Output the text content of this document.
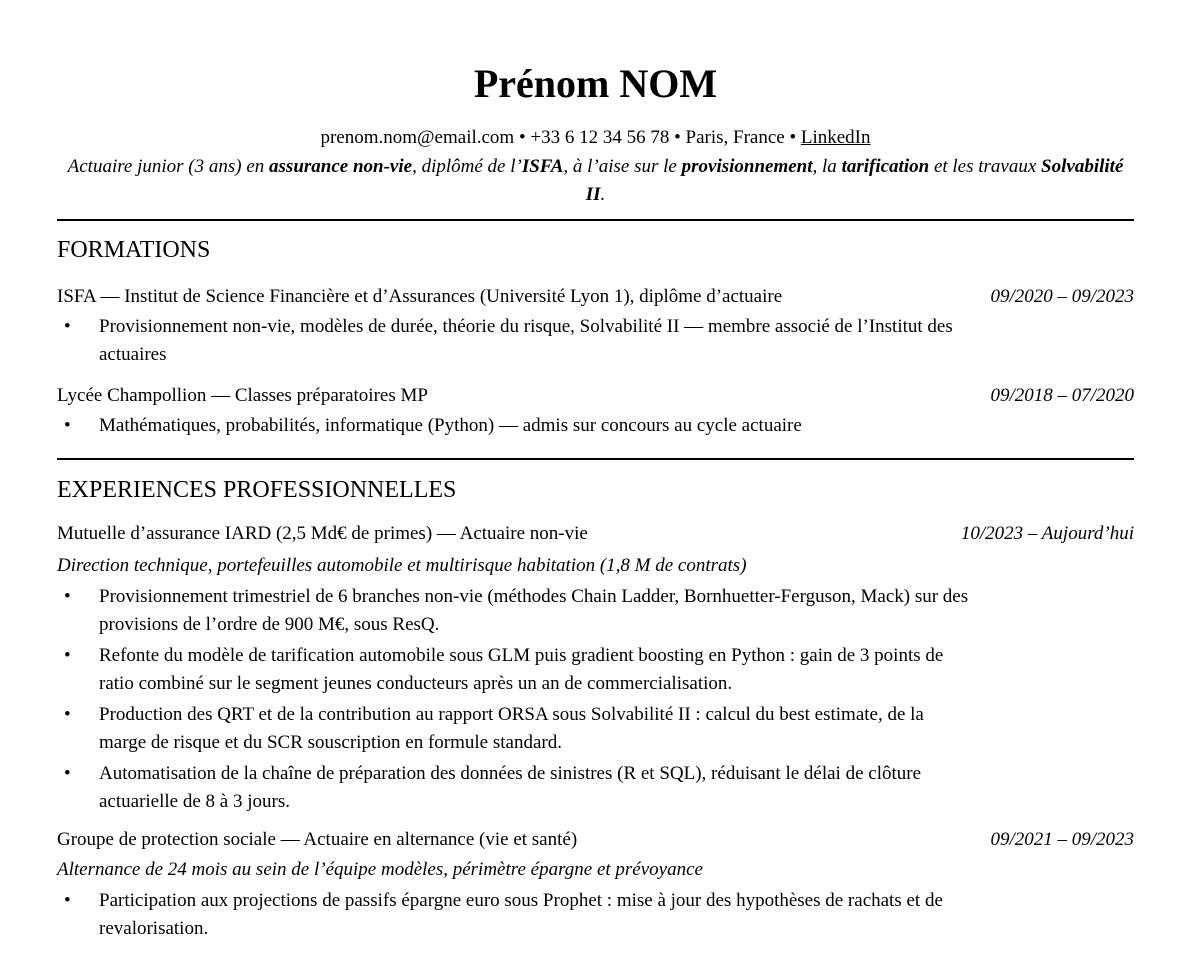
Prénom NOM
prenom.nom@email.com • +33 6 12 34 56 78 • Paris, France • LinkedIn
Actuaire junior (3 ans) en assurance non-vie, diplômé de l’ISFA, à l’aise sur le provisionnement, la tarification et les travaux Solvabilité II.
FORMATIONS
ISFA — Institut de Science Financière et d’Assurances (Université Lyon 1), diplôme d’actuaire	09/2020 – 09/2023
• Provisionnement non-vie, modèles de durée, théorie du risque, Solvabilité II — membre associé de l’Institut des actuaires
Lycée Champollion — Classes préparatoires MP	09/2018 – 07/2020
• Mathématiques, probabilités, informatique (Python) — admis sur concours au cycle actuaire
EXPERIENCES PROFESSIONNELLES
Mutuelle d’assurance IARD (2,5 Md€ de primes) — Actuaire non-vie	10/2023 – Aujourd’hui
Direction technique, portefeuilles automobile et multirisque habitation (1,8 M de contrats)
• Provisionnement trimestriel de 6 branches non-vie (méthodes Chain Ladder, Bornhuetter-Ferguson, Mack) sur des provisions de l’ordre de 900 M€, sous ResQ.
• Refonte du modèle de tarification automobile sous GLM puis gradient boosting en Python : gain de 3 points de ratio combiné sur le segment jeunes conducteurs après un an de commercialisation.
• Production des QRT et de la contribution au rapport ORSA sous Solvabilité II : calcul du best estimate, de la marge de risque et du SCR souscription en formule standard.
• Automatisation de la chaîne de préparation des données de sinistres (R et SQL), réduisant le délai de clôture actuarielle de 8 à 3 jours.
Groupe de protection sociale — Actuaire en alternance (vie et santé)	09/2021 – 09/2023
Alternance de 24 mois au sein de l’équipe modèles, périmètre épargne et prévoyance
• Participation aux projections de passifs épargne euro sous Prophet : mise à jour des hypothèses de rachats et de revalorisation.
